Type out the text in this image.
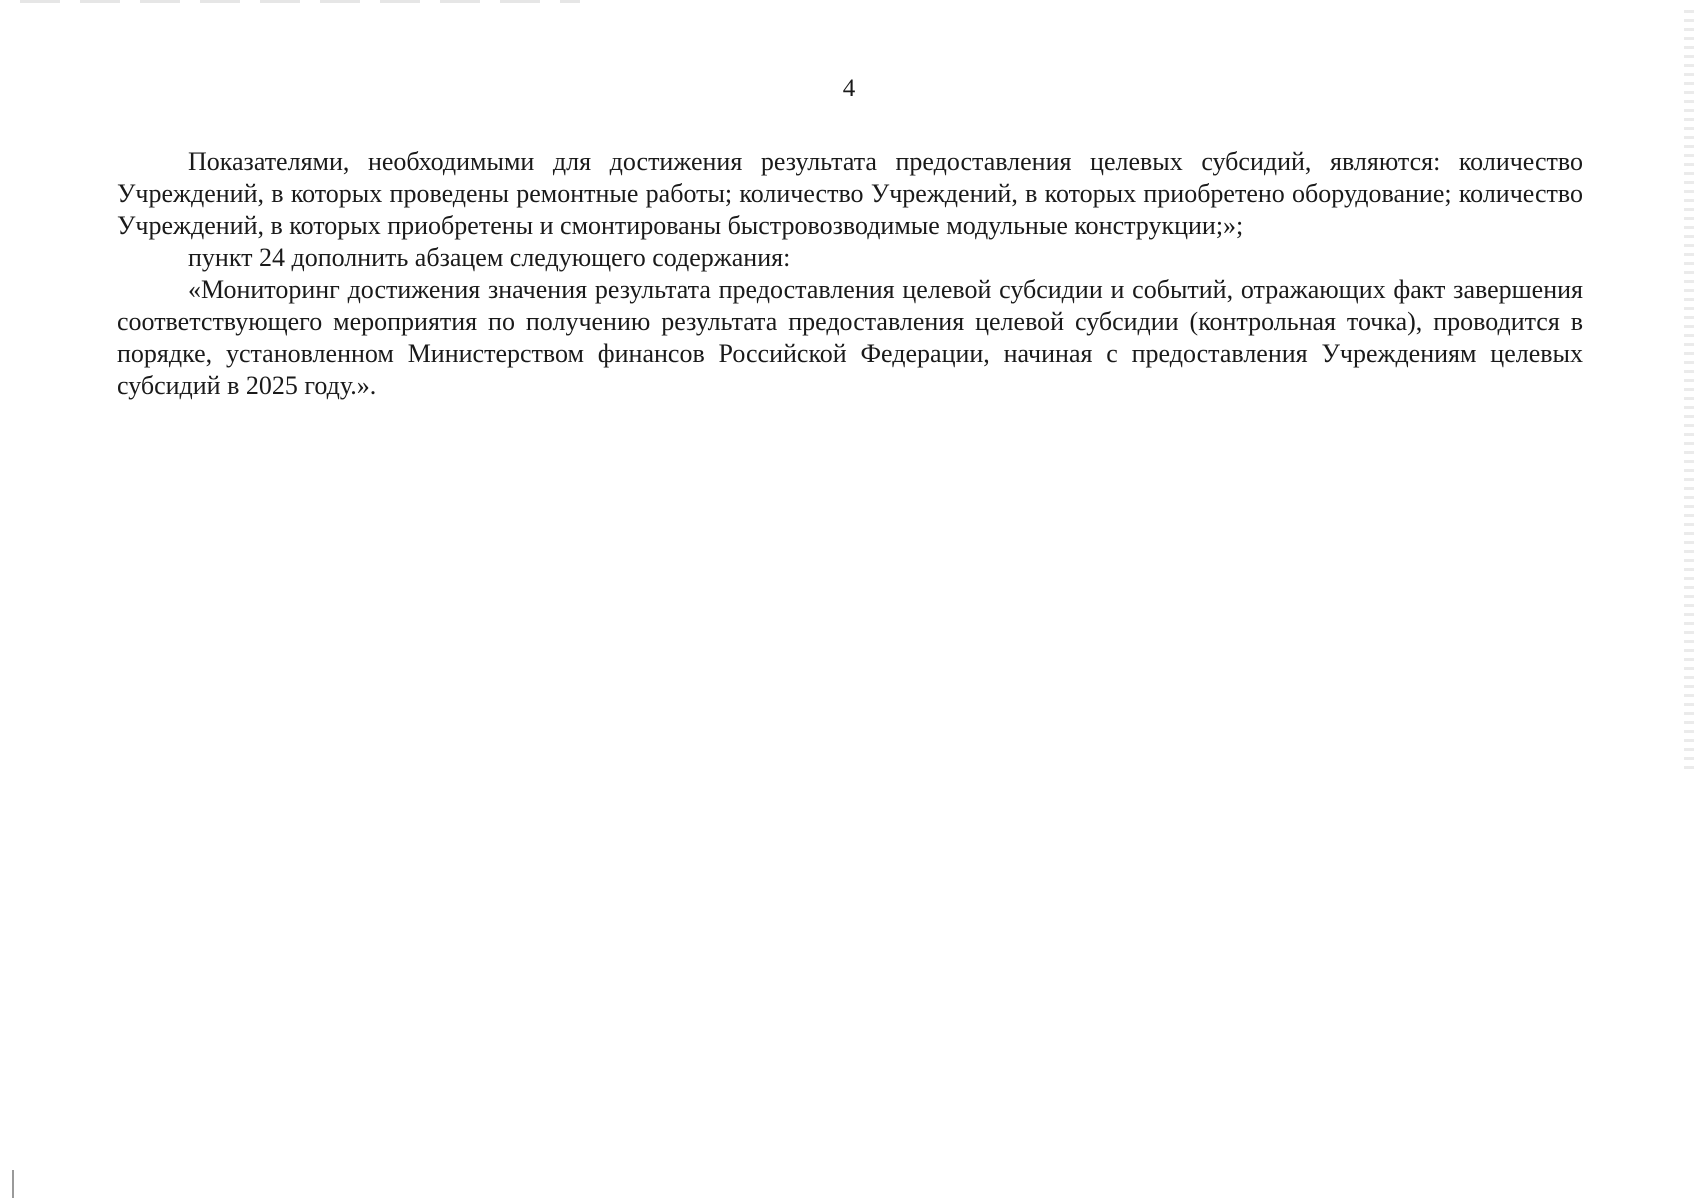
4

Показателями, необходимыми для достижения результата предоставления целевых субсидий, являются: количество Учреждений, в которых проведены ремонтные работы; количество Учреждений, в которых приобретено оборудование; количество Учреждений, в которых приобретены и смонтированы быстровозводимые модульные конструкции;»;

пункт 24 дополнить абзацем следующего содержания:

«Мониторинг достижения значения результата предоставления целевой субсидии и событий, отражающих факт завершения соответствующего мероприятия по получению результата предоставления целевой субсидии (контрольная точка), проводится в порядке, установленном Министерством финансов Российской Федерации, начиная с предоставления Учреждениям целевых субсидий в 2025 году.».
